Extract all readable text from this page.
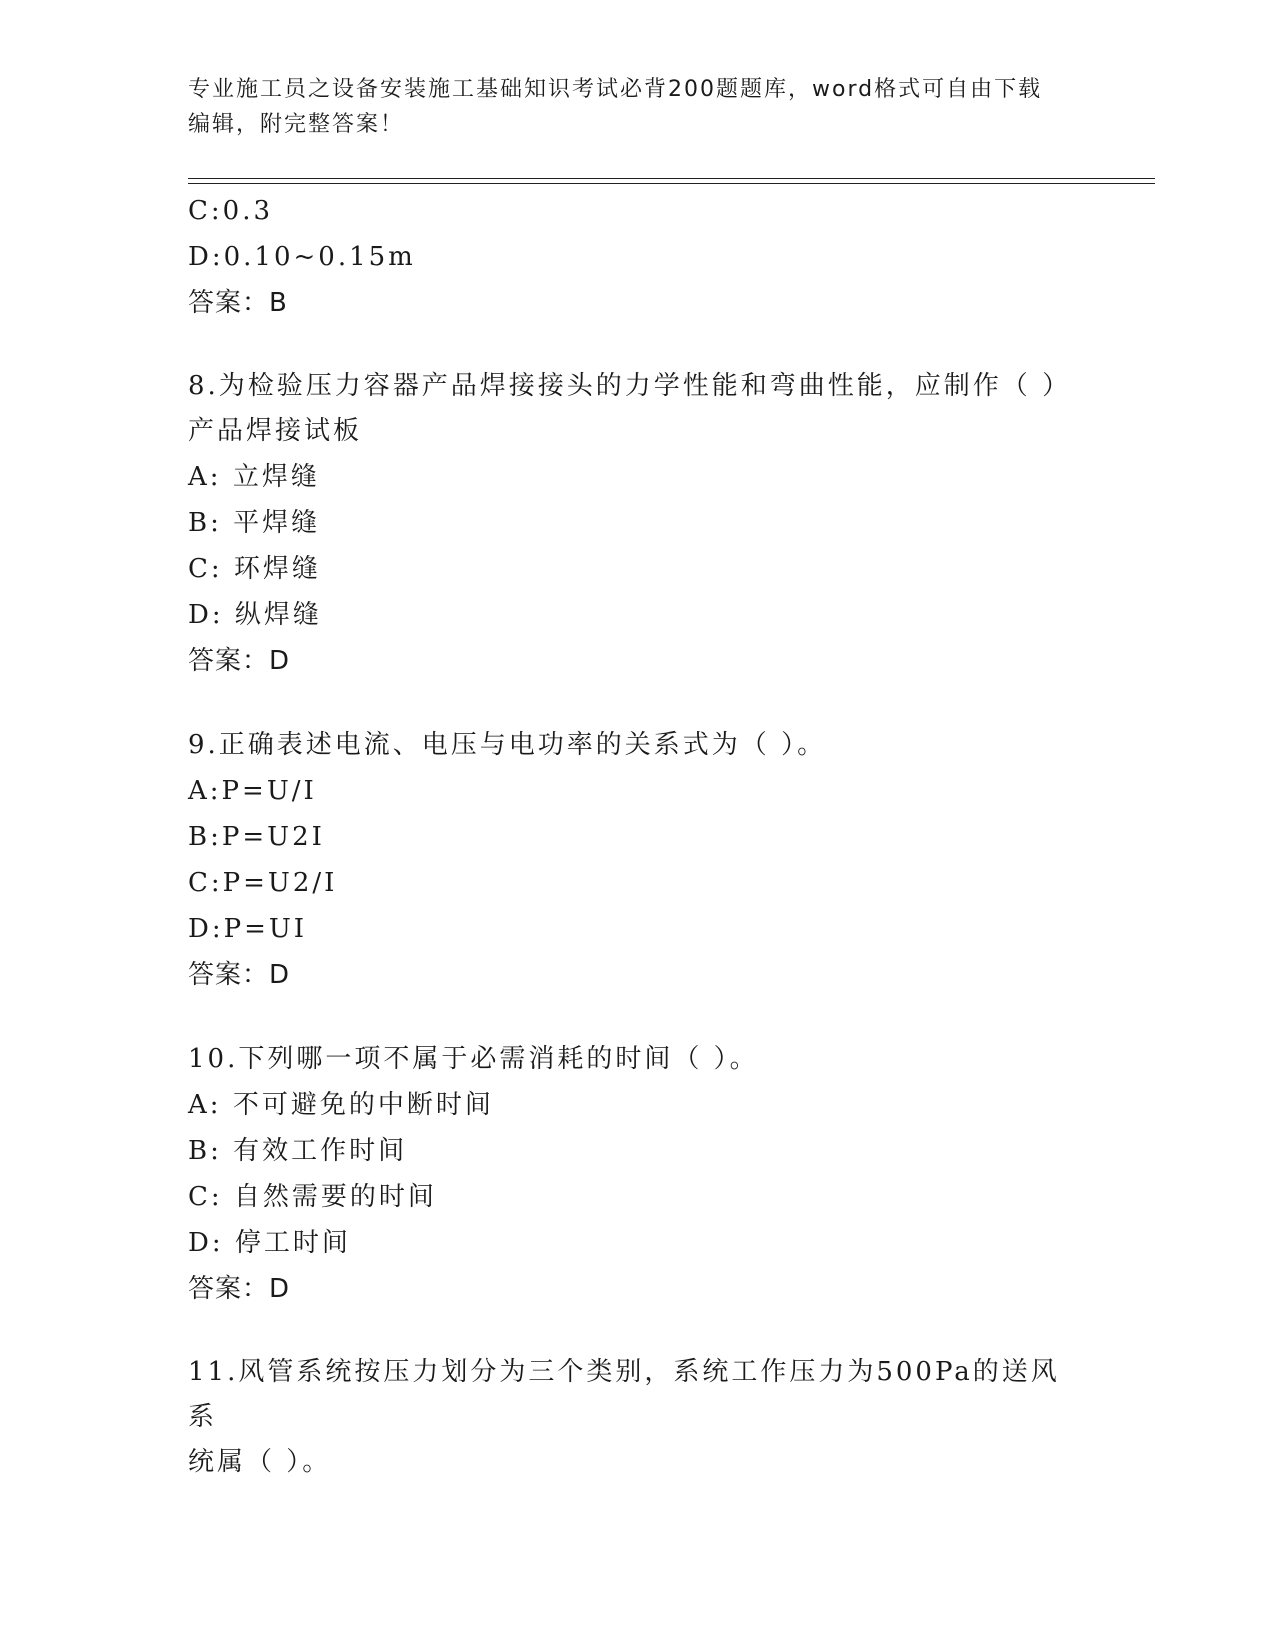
专业施工员之设备安装施工基础知识考试必背200题题库，word格式可自由下载
编辑，附完整答案！
C:0.3
D:0.10~0.15m
答案：B
8.为检验压力容器产品焊接接头的力学性能和弯曲性能，应制作（ ）
产品焊接试板
A: 立焊缝
B: 平焊缝
C: 环焊缝
D: 纵焊缝
答案：D
9.正确表述电流、电压与电功率的关系式为（ ）。
A:P=U/I
B:P=U2I
C:P=U2/I
D:P=UI
答案：D
10.下列哪一项不属于必需消耗的时间（ ）。
A: 不可避免的中断时间
B: 有效工作时间
C: 自然需要的时间
D: 停工时间
答案：D
11.风管系统按压力划分为三个类别，系统工作压力为500Pa的送风系
统属（ ）。
